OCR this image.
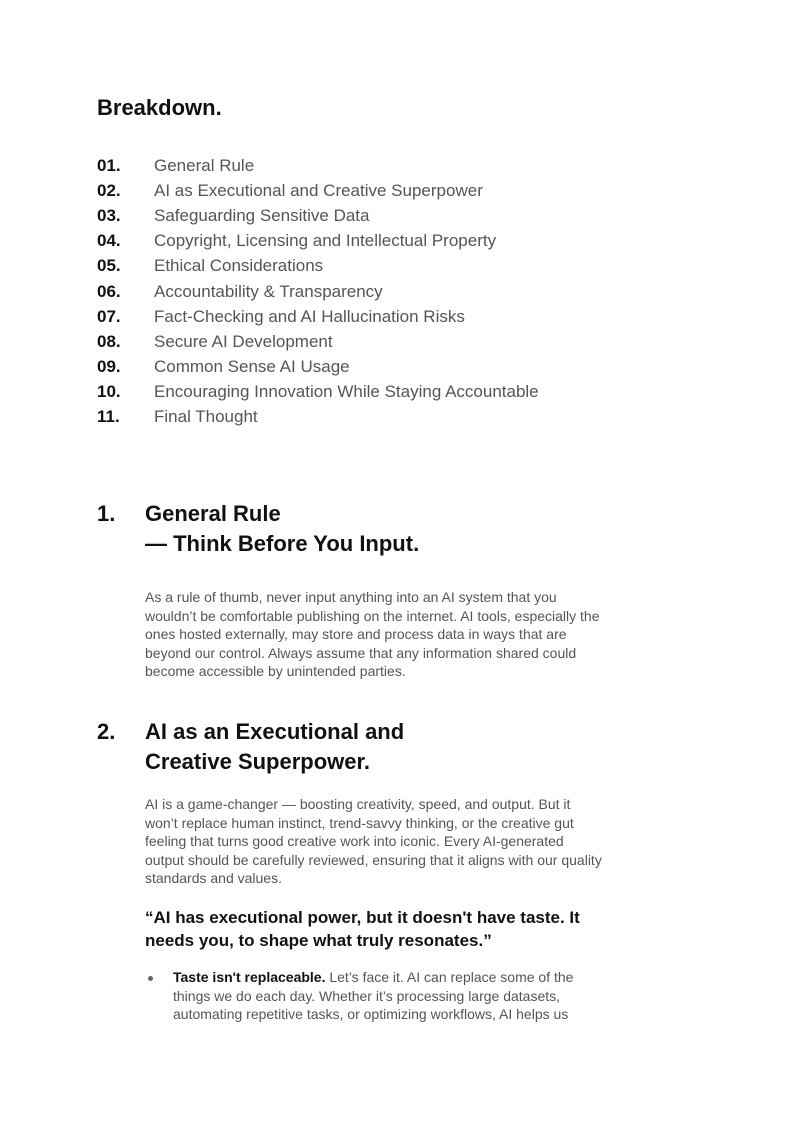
Breakdown.
01.	General Rule
02.	AI as Executional and Creative Superpower
03.	Safeguarding Sensitive Data
04.	Copyright, Licensing and Intellectual Property
05.	Ethical Considerations
06.	Accountability & Transparency
07.	Fact-Checking and AI Hallucination Risks
08.	Secure AI Development
09.	Common Sense AI Usage
10.	Encouraging Innovation While Staying Accountable
11.	Final Thought
1. General Rule
— Think Before You Input.

As a rule of thumb, never input anything into an AI system that you wouldn’t be comfortable publishing on the internet. AI tools, especially the ones hosted externally, may store and process data in ways that are beyond our control. Always assume that any information shared could become accessible by unintended parties.

2. AI as an Executional and
Creative Superpower.

AI is a game-changer — boosting creativity, speed, and output. But it won’t replace human instinct, trend-savvy thinking, or the creative gut feeling that turns good creative work into iconic. Every AI-generated output should be carefully reviewed, ensuring that it aligns with our quality standards and values.

“AI has executional power, but it doesn't have taste. It needs you, to shape what truly resonates.”

Taste isn't replaceable. Let’s face it. AI can replace some of the things we do each day. Whether it’s processing large datasets, automating repetitive tasks, or optimizing workflows, AI helps us
